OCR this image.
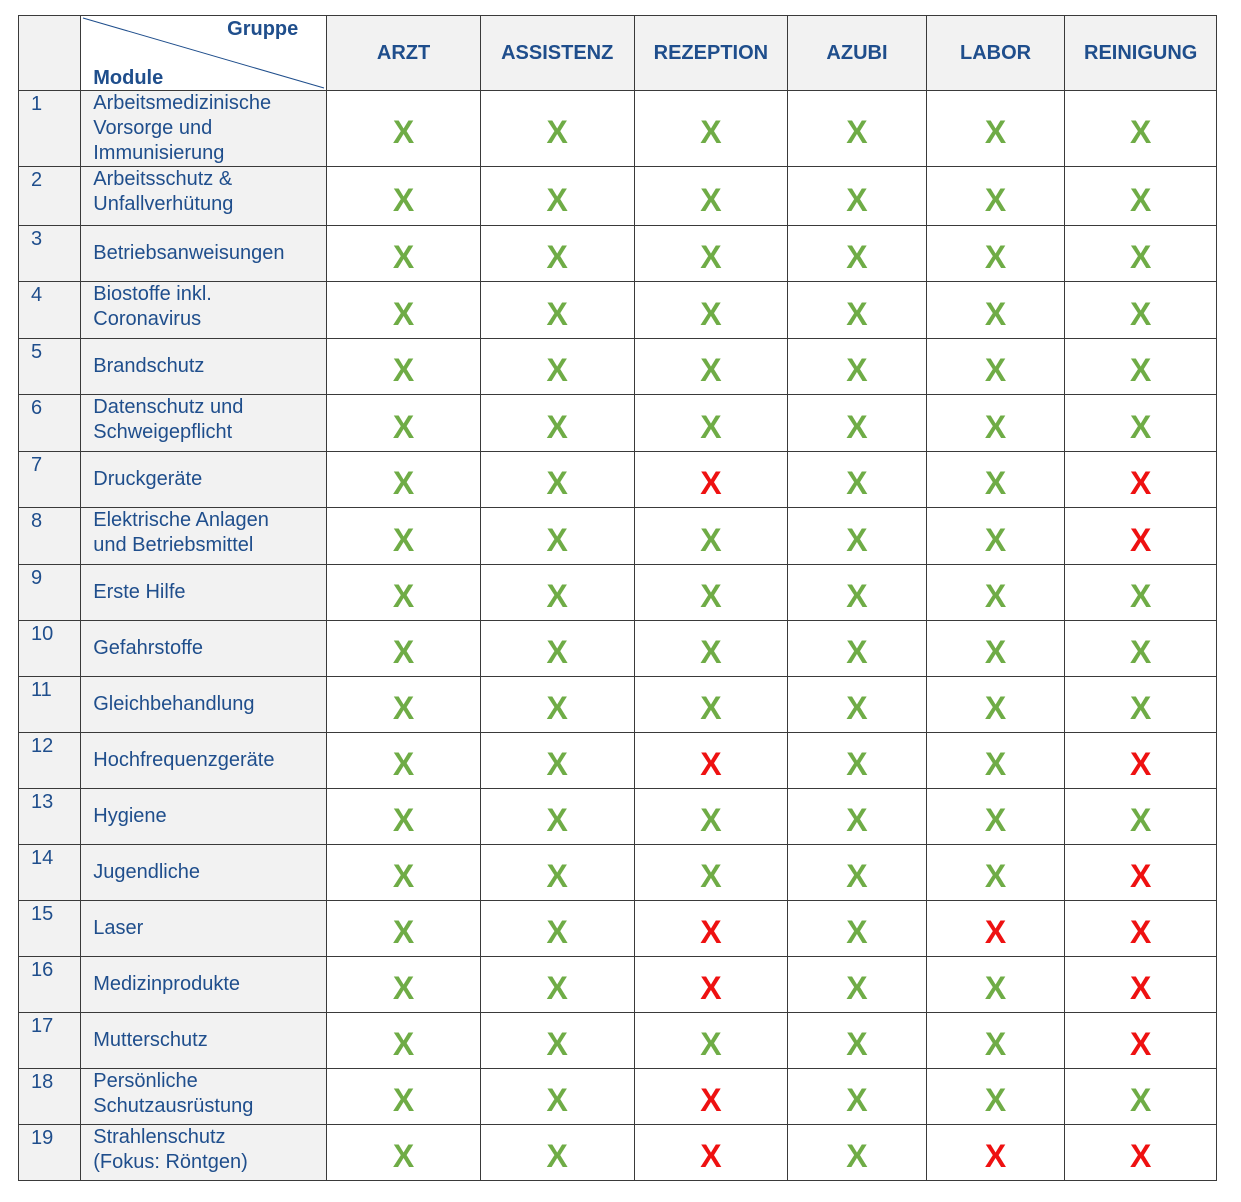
	Gruppe
Module	ARZT	ASSISTENZ	REZEPTION	AZUBI	LABOR	REINIGUNG
1	Arbeitsmedizinische
Vorsorge und
Immunisierung	X	X	X	X	X	X
2	Arbeitsschutz &
Unfallverhütung	X	X	X	X	X	X
3	Betriebsanweisungen	X	X	X	X	X	X
4	Biostoffe inkl.
Coronavirus	X	X	X	X	X	X
5	Brandschutz	X	X	X	X	X	X
6	Datenschutz und
Schweigepflicht	X	X	X	X	X	X
7	Druckgeräte	X	X	X	X	X	X
8	Elektrische Anlagen
und Betriebsmittel	X	X	X	X	X	X
9	Erste Hilfe	X	X	X	X	X	X
10	Gefahrstoffe	X	X	X	X	X	X
11	Gleichbehandlung	X	X	X	X	X	X
12	Hochfrequenzgeräte	X	X	X	X	X	X
13	Hygiene	X	X	X	X	X	X
14	Jugendliche	X	X	X	X	X	X
15	Laser	X	X	X	X	X	X
16	Medizinprodukte	X	X	X	X	X	X
17	Mutterschutz	X	X	X	X	X	X
18	Persönliche
Schutzausrüstung	X	X	X	X	X	X
19	Strahlenschutz
(Fokus: Röntgen)	X	X	X	X	X	X
